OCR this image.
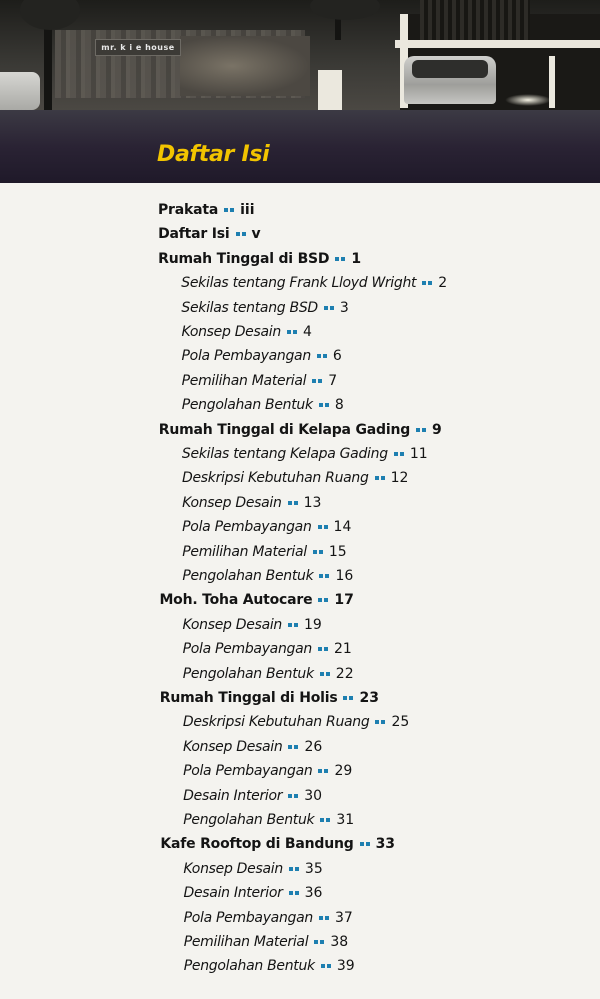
mr. k i e house
Daftar Isi
Prakata iii
Daftar Isi v
Rumah Tinggal di BSD 1
Sekilas tentang Frank Lloyd Wright 2
Sekilas tentang BSD 3
Konsep Desain 4
Pola Pembayangan 6
Pemilihan Material 7
Pengolahan Bentuk 8
Rumah Tinggal di Kelapa Gading 9
Sekilas tentang Kelapa Gading 11
Deskripsi Kebutuhan Ruang 12
Konsep Desain 13
Pola Pembayangan 14
Pemilihan Material 15
Pengolahan Bentuk 16
Moh. Toha Autocare 17
Konsep Desain 19
Pola Pembayangan 21
Pengolahan Bentuk 22
Rumah Tinggal di Holis 23
Deskripsi Kebutuhan Ruang 25
Konsep Desain 26
Pola Pembayangan 29
Desain Interior 30
Pengolahan Bentuk 31
Kafe Rooftop di Bandung 33
Konsep Desain 35
Desain Interior 36
Pola Pembayangan 37
Pemilihan Material 38
Pengolahan Bentuk 39
